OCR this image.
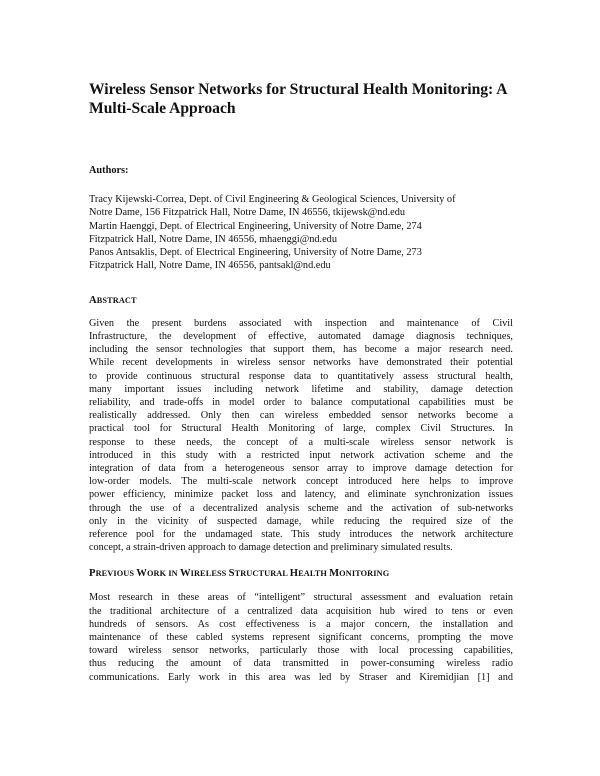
Wireless Sensor Networks for Structural Health Monitoring: A
Multi-Scale Approach
Authors:
Tracy Kijewski-Correa, Dept. of Civil Engineering & Geological Sciences, University of
Notre Dame, 156 Fitzpatrick Hall, Notre Dame, IN 46556, tkijewsk@nd.edu
Martin Haenggi, Dept. of Electrical Engineering, University of Notre Dame, 274
Fitzpatrick Hall, Notre Dame, IN 46556, mhaenggi@nd.edu
Panos Antsaklis, Dept. of Electrical Engineering, University of Notre Dame, 273
Fitzpatrick Hall, Notre Dame, IN 46556, pantsakl@nd.edu
ABSTRACT
Given the present burdens associated with inspection and maintenance of Civil
Infrastructure, the development of effective, automated damage diagnosis techniques,
including the sensor technologies that support them, has become a major research need.
While recent developments in wireless sensor networks have demonstrated their potential
to provide continuous structural response data to quantitatively assess structural health,
many important issues including network lifetime and stability, damage detection
reliability, and trade-offs in model order to balance computational capabilities must be
realistically addressed. Only then can wireless embedded sensor networks become a
practical tool for Structural Health Monitoring of large, complex Civil Structures. In
response to these needs, the concept of a multi-scale wireless sensor network is
introduced in this study with a restricted input network activation scheme and the
integration of data from a heterogeneous sensor array to improve damage detection for
low-order models. The multi-scale network concept introduced here helps to improve
power efficiency, minimize packet loss and latency, and eliminate synchronization issues
through the use of a decentralized analysis scheme and the activation of sub-networks
only in the vicinity of suspected damage, while reducing the required size of the
reference pool for the undamaged state. This study introduces the network architecture
concept, a strain-driven approach to damage detection and preliminary simulated results.
PREVIOUS WORK IN WIRELESS STRUCTURAL HEALTH MONITORING
Most research in these areas of “intelligent” structural assessment and evaluation retain
the traditional architecture of a centralized data acquisition hub wired to tens or even
hundreds of sensors. As cost effectiveness is a major concern, the installation and
maintenance of these cabled systems represent significant concerns, prompting the move
toward wireless sensor networks, particularly those with local processing capabilities,
thus reducing the amount of data transmitted in power-consuming wireless radio
communications. Early work in this area was led by Straser and Kiremidjian [1] and
